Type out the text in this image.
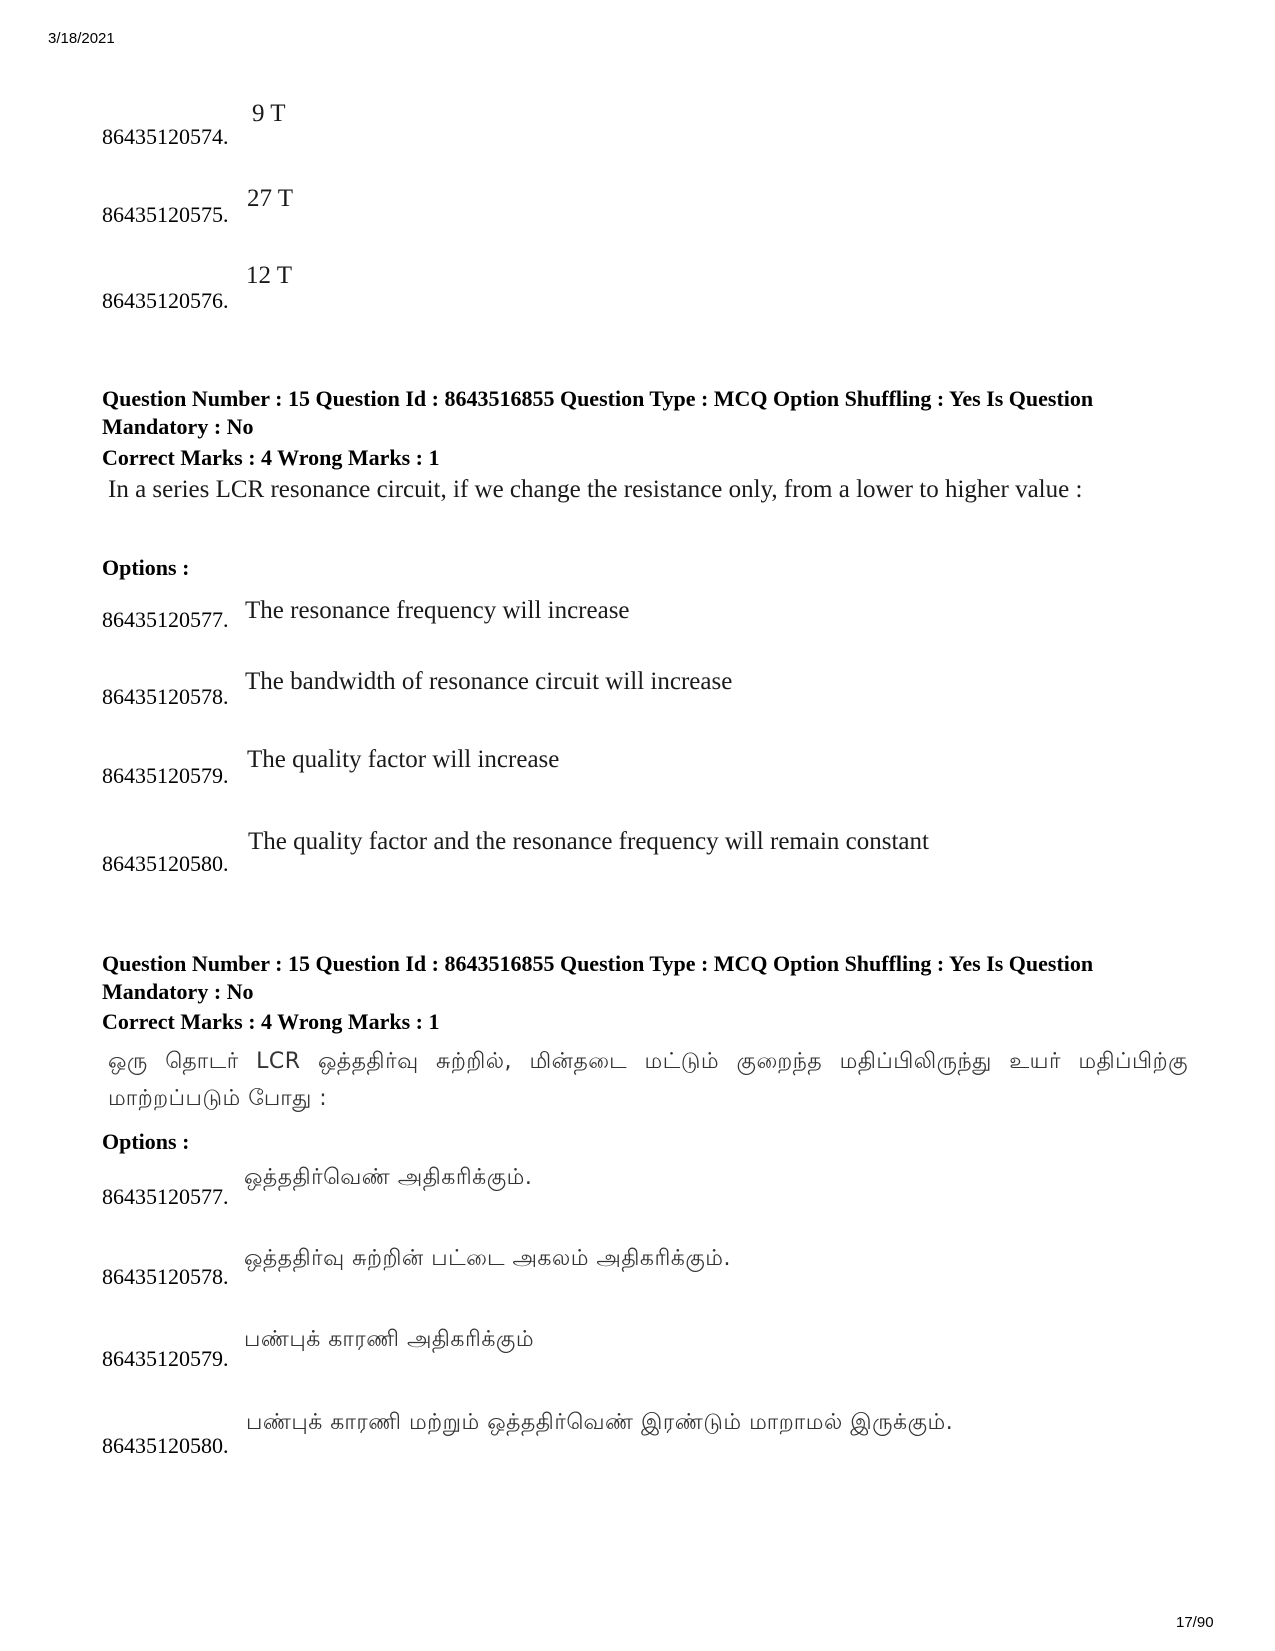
3/18/2021
17/90
86435120574.
9 T
86435120575.
27 T
86435120576.
12 T
Question Number : 15 Question Id : 8643516855 Question Type : MCQ Option Shuffling : Yes Is Question Mandatory : No
Correct Marks : 4 Wrong Marks : 1
In a series LCR resonance circuit, if we change the resistance only, from a lower to higher value :
Options :
86435120577. The resonance frequency will increase
86435120578.
The bandwidth of resonance circuit will increase
86435120579.
The quality factor will increase
86435120580.
The quality factor and the resonance frequency will remain constant
Question Number : 15 Question Id : 8643516855 Question Type : MCQ Option Shuffling : Yes Is Question Mandatory : No
Correct Marks : 4 Wrong Marks : 1
ஒரு தொடர் LCR ஒத்ததிர்வு சுற்றில், மின்தடை மட்டும் குறைந்த மதிப்பிலிருந்து உயர் மதிப்பிற்கு மாற்றப்படும் போது :
Options :
86435120577.
ஒத்ததிர்வெண் அதிகரிக்கும்.
86435120578.
ஒத்ததிர்வு சுற்றின் பட்டை அகலம் அதிகரிக்கும்.
86435120579.
பண்புக் காரணி அதிகரிக்கும்
86435120580.
பண்புக் காரணி மற்றும் ஒத்ததிர்வெண் இரண்டும் மாறாமல் இருக்கும்.
